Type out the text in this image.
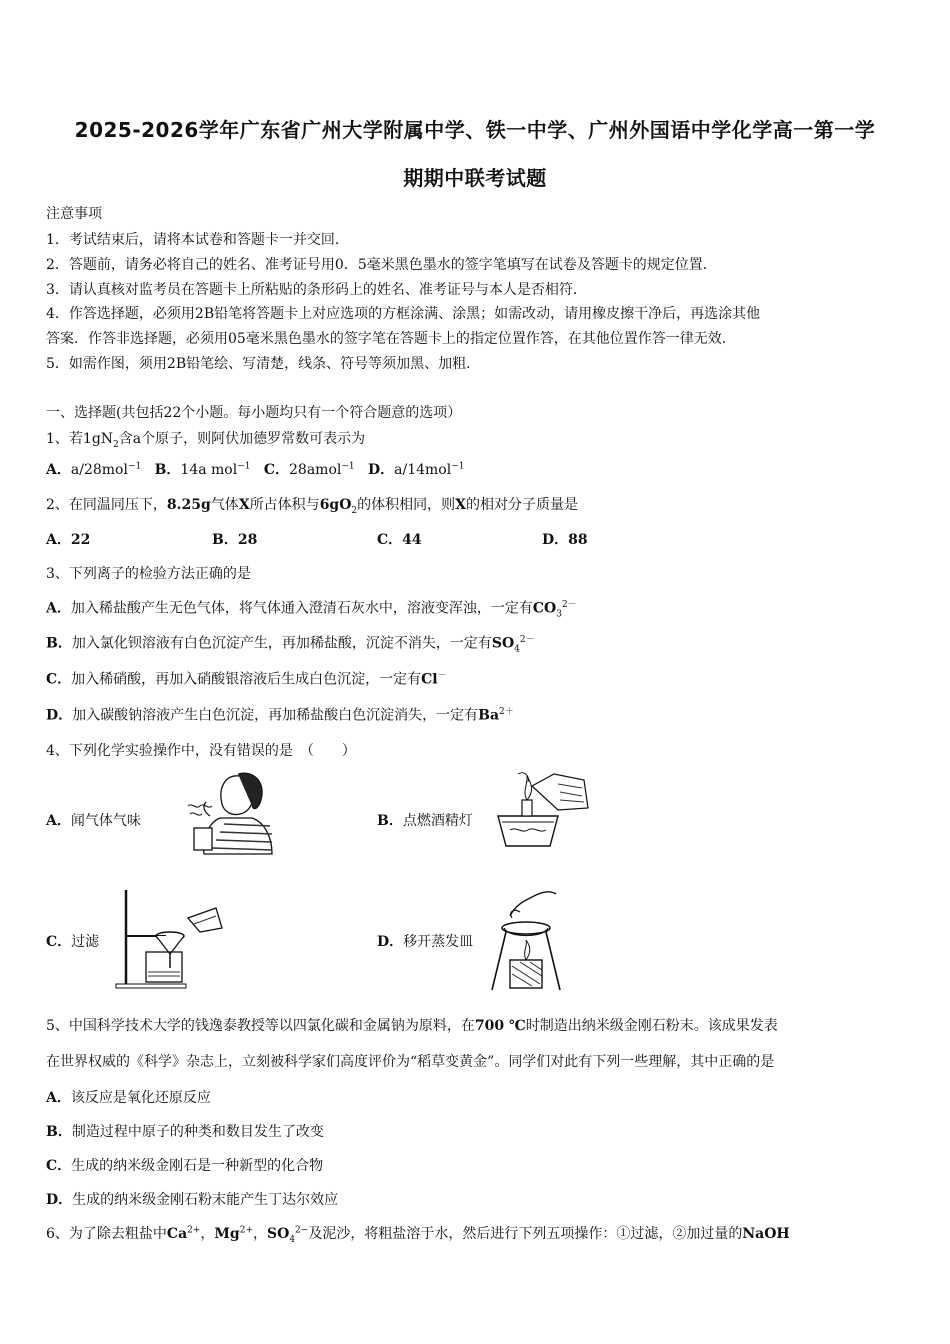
2025-2026学年广东省广州大学附属中学、铁一中学、广州外国语中学化学高一第一学
期期中联考试题
注意事项
1．考试结束后，请将本试卷和答题卡一并交回．
2．答题前，请务必将自己的姓名、准考证号用0．5毫米黑色墨水的签字笔填写在试卷及答题卡的规定位置．
3．请认真核对监考员在答题卡上所粘贴的条形码上的姓名、准考证号与本人是否相符．
4．作答选择题，必须用2B铅笔将答题卡上对应选项的方框涂满、涂黑；如需改动，请用橡皮擦干净后，再选涂其他
答案．作答非选择题，必须用05毫米黑色墨水的签字笔在答题卡上的指定位置作答，在其他位置作答一律无效．
5．如需作图，须用2B铅笔绘、写清楚，线条、符号等须加黑、加粗．
一、选择题(共包括22个小题。每小题均只有一个符合题意的选项）
1、若$1gN_2$含a个原子，则阿伏加德罗常数可表示为
A．a/28mol$^{-1}$ B．14a mol$^{-1}$ C．28amol$^{-1}$ D．a/14mol$^{-1}$
2、在同温同压下，8.25g气体X所占体积与$6gO_2$的体积相同，则X的相对分子质量是
A．22	B．28	C．44	D．88
3、下列离子的检验方法正确的是
A．加入稀盐酸产生无色气体，将气体通入澄清石灰水中，溶液变浑浊，一定有$CO_3^{2-}$
B．加入氯化钡溶液有白色沉淀产生，再加稀盐酸，沉淀不消失，一定有$SO_4^{2-}$
C．加入稀硝酸，再加入硝酸银溶液后生成白色沉淀，一定有Cl－
D．加入碳酸钠溶液产生白色沉淀，再加稀盐酸白色沉淀消失，一定有$Ba^{2+}$
4、下列化学实验操作中，没有错误的是　（　　）
A．闻气体气味	B．点燃酒精灯
C．过滤	D．移开蒸发皿
5、中国科学技术大学的钱逸泰教授等以四氯化碳和金属钠为原料，在700 ℃时制造出纳米级金刚石粉末。该成果发表
在世界权威的《科学》杂志上，立刻被科学家们高度评价为“稻草变黄金”。同学们对此有下列一些理解，其中正确的是
A．该反应是氧化还原反应
B．制造过程中原子的种类和数目发生了改变
C．生成的纳米级金刚石是一种新型的化合物
D．生成的纳米级金刚石粉末能产生丁达尔效应
6、为了除去粗盐中$Ca^{2+}$，$Mg^{2+}$，$SO_4^{2-}$及泥沙，将粗盐溶于水，然后进行下列五项操作：①过滤，②加过量的NaOH
